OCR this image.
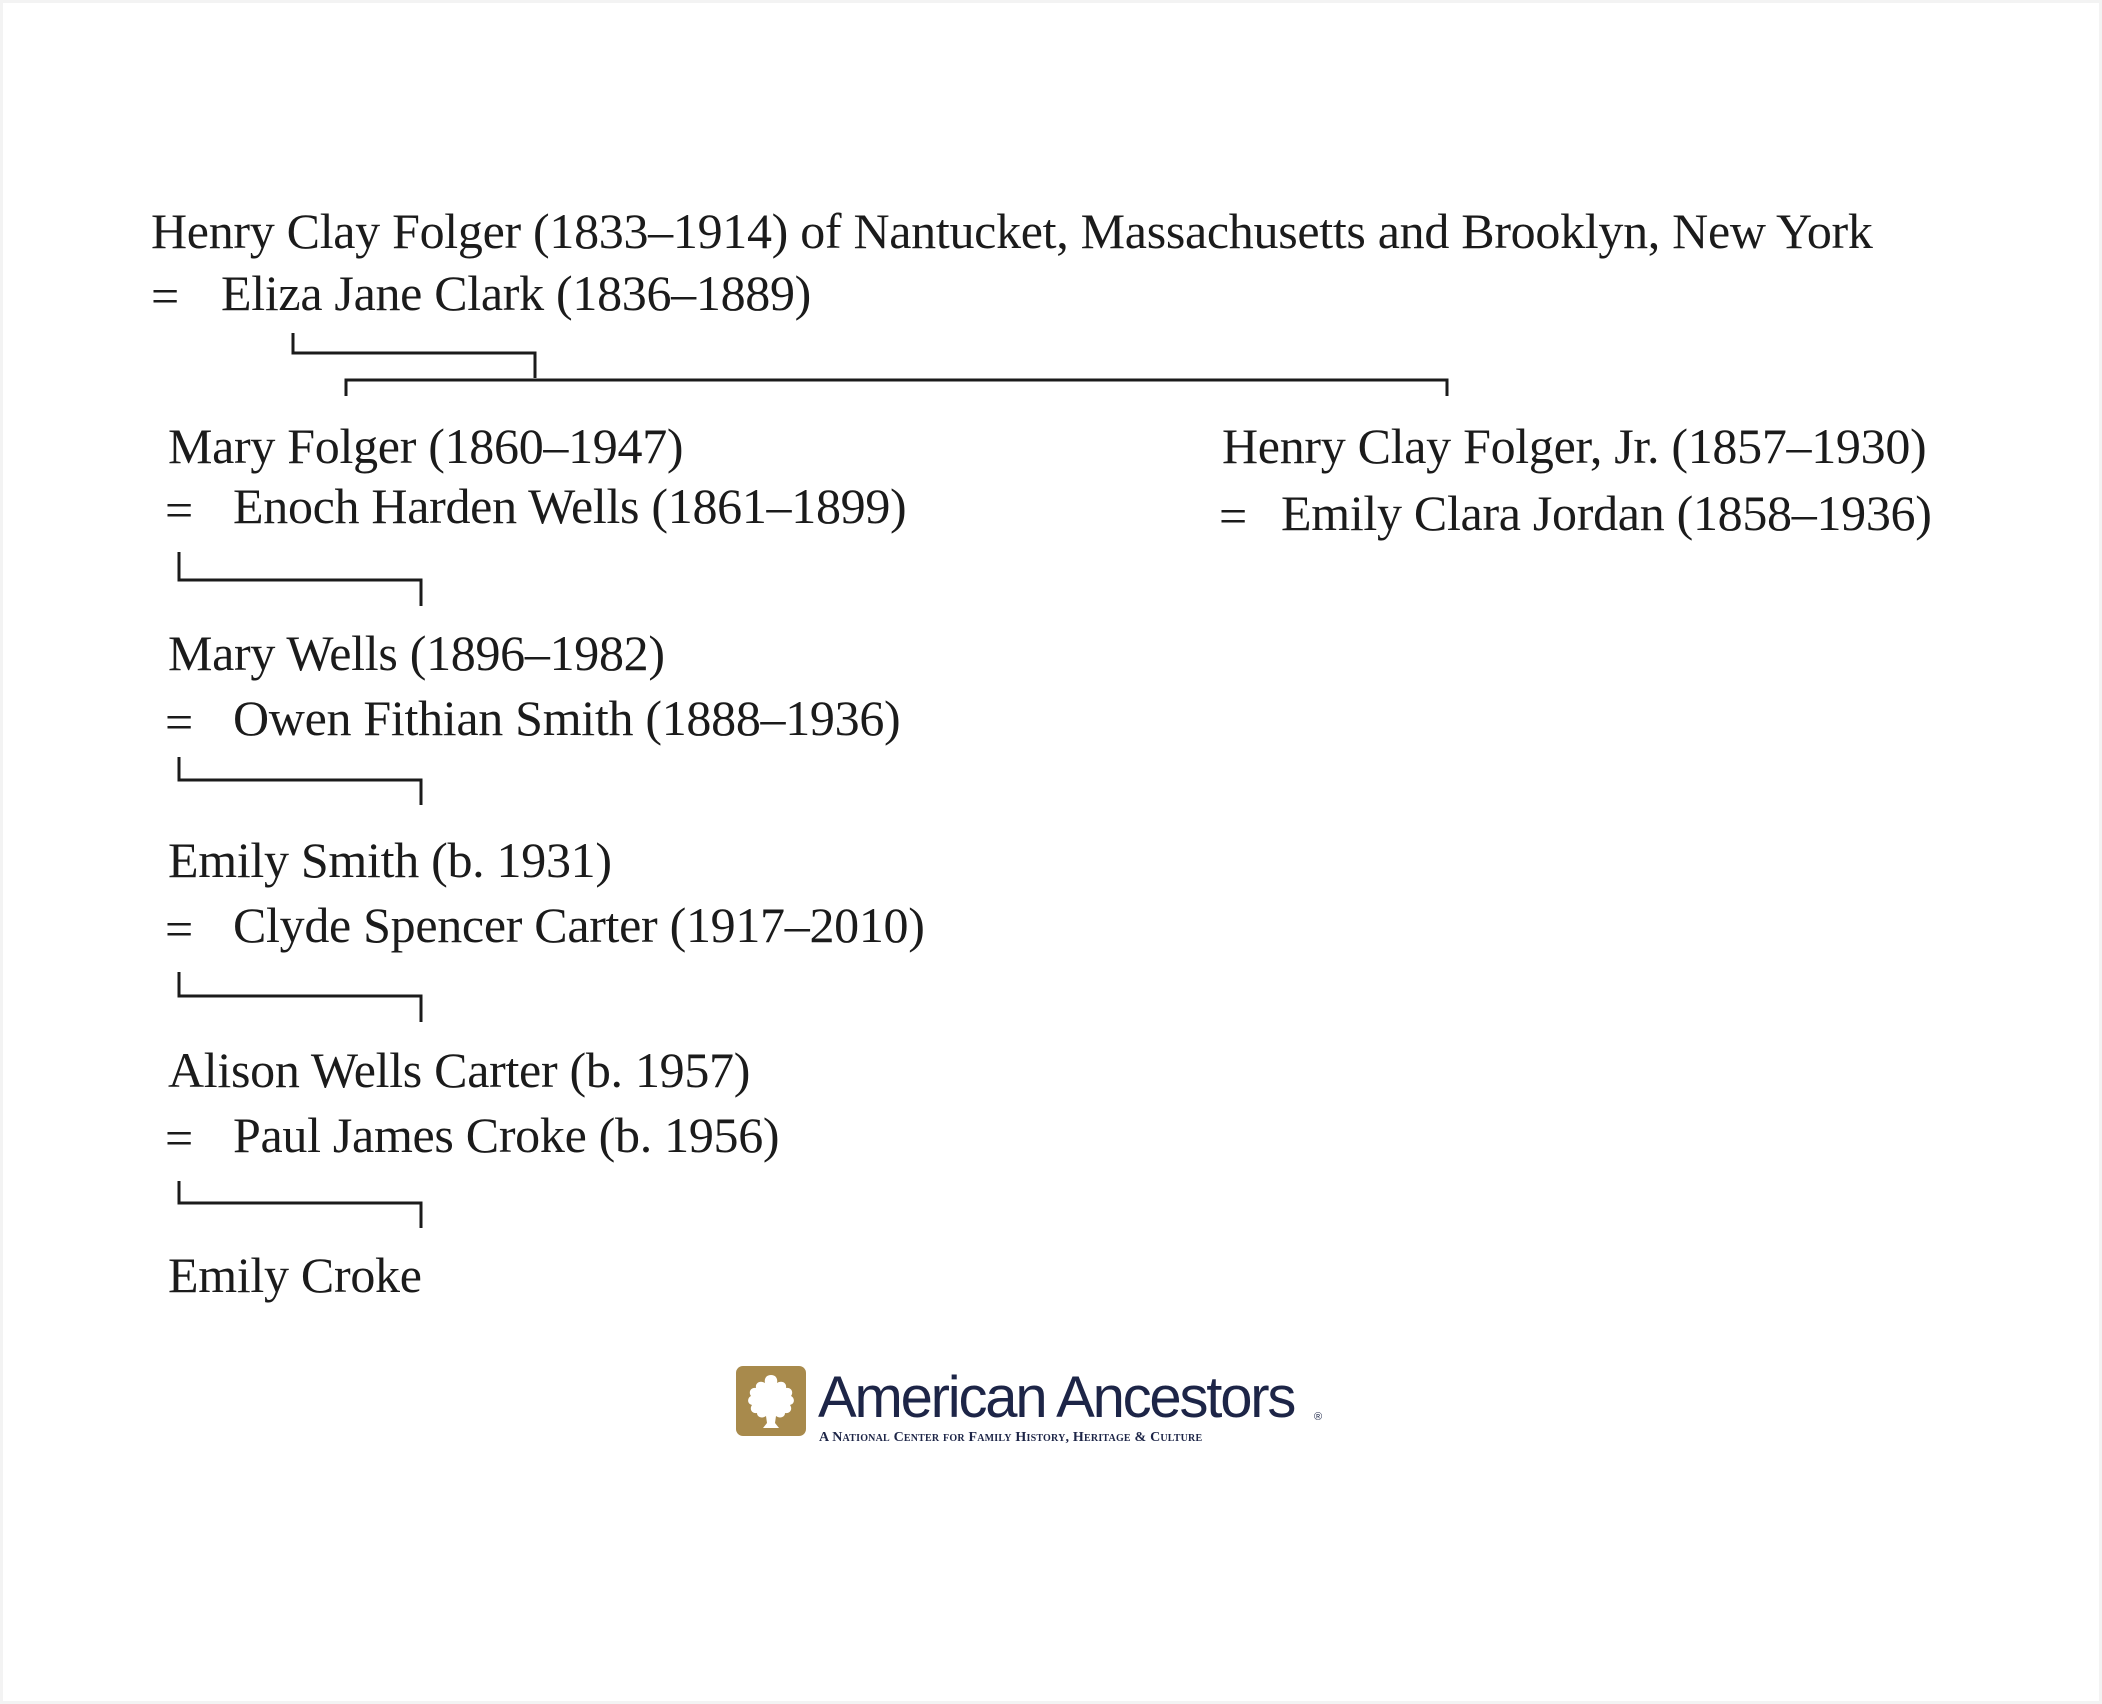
Henry Clay Folger (1833–1914) of Nantucket, Massachusetts and Brooklyn, New York
= Eliza Jane Clark (1836–1889)
Mary Folger (1860–1947)
= Enoch Harden Wells (1861–1899)
Henry Clay Folger, Jr. (1857–1930)
= Emily Clara Jordan (1858–1936)
Mary Wells (1896–1982)
= Owen Fithian Smith (1888–1936)
Emily Smith (b. 1931)
= Clyde Spencer Carter (1917–2010)
Alison Wells Carter (b. 1957)
= Paul James Croke (b. 1956)
Emily Croke
American Ancestors ®
A National Center for Family History, Heritage & Culture
